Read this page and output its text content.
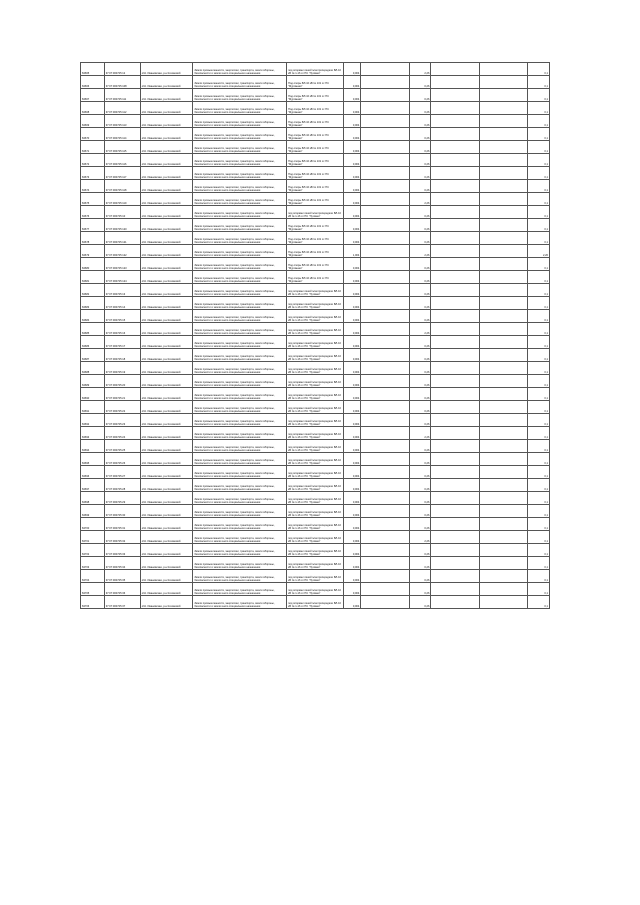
84665	37:07:000725:12	обл. Ивановская, р-н Кохомский	Земли промышленности, энергетики, транспорта, земли обороны, безопасности и земли иного специального назначения	под опорами линий электропередачи ВЛ-10 кВ № 1-16 от ПС "Луговая"	0,004		2,26			0,1
84666	37:07:000725:108	обл. Ивановская, р-н Кохомский	Земли промышленности, энергетики, транспорта, земли обороны, безопасности и земли иного специального назначения	Под опоры ВЛ-10 кВ № 101 от ПС "Муромная"	0,004		0,26			0,1
84667	37:07:000725:111	обл. Ивановская, р-н Кохомский	Земли промышленности, энергетики, транспорта, земли обороны, безопасности и земли иного специального назначения	Под опоры ВЛ-10 кВ № 101 от ПС "Муромная"	0,004		0,26			0,1
84668	37:07:000725:112	обл. Ивановская, р-н Кохомский	Земли промышленности, энергетики, транспорта, земли обороны, безопасности и земли иного специального назначения	Под опоры ВЛ-10 кВ № 101 от ПС "Муромная"	0,004		0,26			0,1
84669	37:07:000725:113	обл. Ивановская, р-н Кохомский	Земли промышленности, энергетики, транспорта, земли обороны, безопасности и земли иного специального назначения	Под опоры ВЛ-10 кВ № 101 от ПС "Муромная"	0,004		0,26			0,1
84670	37:07:000725:114	обл. Ивановская, р-н Кохомский	Земли промышленности, энергетики, транспорта, земли обороны, безопасности и земли иного специального назначения	Под опоры ВЛ-10 кВ № 101 от ПС "Муромная"	0,004		0,26			0,1
84671	37:07:000725:115	обл. Ивановская, р-н Кохомский	Земли промышленности, энергетики, транспорта, земли обороны, безопасности и земли иного специального назначения	Под опоры ВЛ-10 кВ № 101 от ПС "Муромная"	0,004		0,26			0,1
84672	37:07:000725:116	обл. Ивановская, р-н Кохомский	Земли промышленности, энергетики, транспорта, земли обороны, безопасности и земли иного специального назначения	Под опоры ВЛ-10 кВ № 101 от ПС "Муромная"	0,004		0,26			0,1
84673	37:07:000725:117	обл. Ивановская, р-н Кохомский	Земли промышленности, энергетики, транспорта, земли обороны, безопасности и земли иного специального назначения	Под опоры ВЛ-10 кВ № 101 от ПС "Муромная"	0,004		0,26			0,1
84674	37:07:000725:118	обл. Ивановская, р-н Кохомский	Земли промышленности, энергетики, транспорта, земли обороны, безопасности и земли иного специального назначения	Под опоры ВЛ-10 кВ № 101 от ПС "Муромная"	0,004		0,26			0,1
84675	37:07:000725:119	обл. Ивановская, р-н Кохомский	Земли промышленности, энергетики, транспорта, земли обороны, безопасности и земли иного специального назначения	Под опоры ВЛ-10 кВ № 101 от ПС "Муромная"	0,004		2,26			0,1
84676	37:07:000725:10	обл. Ивановская, р-н Кохомский	Земли промышленности, энергетики, транспорта, земли обороны, безопасности и земли иного специального назначения	под опорами линий электропередачи ВЛ-10 кВ № 1-16 от ПС "Луговая"	0,004		0,26			0,1
84677	37:07:000725:120	обл. Ивановская, р-н Кохомский	Земли промышленности, энергетики, транспорта, земли обороны, безопасности и земли иного специального назначения	Под опоры ВЛ-10 кВ № 101 от ПС "Муромная"	0,004		0,26			0,1
84678	37:07:000725:121	обл. Ивановская, р-н Кохомский	Земли промышленности, энергетики, транспорта, земли обороны, безопасности и земли иного специального назначения	Под опоры ВЛ-10 кВ № 101 от ПС "Муромная"	0,004		0,26			0,1
84679	37:07:000725:122	обл. Ивановская, р-н Кохомский	Земли промышленности, энергетики, транспорта, земли обороны, безопасности и земли иного специального назначения	Под опоры ВЛ-10 кВ № 101 от ПС "Муромная"	1,004		2,26			2,26
84680	37:07:000725:123	обл. Ивановская, р-н Кохомский	Земли промышленности, энергетики, транспорта, земли обороны, безопасности и земли иного специального назначения	Под опоры ВЛ-10 кВ № 101 от ПС "Муромная"	0,004		0,26			0,1
84681	37:07:000725:124	обл. Ивановская, р-н Кохомский	Земли промышленности, энергетики, транспорта, земли обороны, безопасности и земли иного специального назначения	Под опоры ВЛ-10 кВ № 101 от ПС "Муромная"	0,004		0,26			0,1
84682	37:07:000725:13	обл. Ивановская, р-н Кохомский	Земли промышленности, энергетики, транспорта, земли обороны, безопасности и земли иного специального назначения	под опорами линий электропередачи ВЛ-10 кВ № 1-16 от ПС "Луговая"	0,004		0,26			0,1
84683	37:07:000725:14	обл. Ивановская, р-н Кохомский	Земли промышленности, энергетики, транспорта, земли обороны, безопасности и земли иного специального назначения	под опорами линий электропередачи ВЛ-10 кВ № 1-16 от ПС "Луговая"	0,004		0,26			0,1
84684	37:07:000725:15	обл. Ивановская, р-н Кохомский	Земли промышленности, энергетики, транспорта, земли обороны, безопасности и земли иного специального назначения	под опорами линий электропередачи ВЛ-10 кВ № 1-16 от ПС "Луговая"	0,004		0,26			0,1
84685	37:07:000725:16	обл. Ивановская, р-н Кохомский	Земли промышленности, энергетики, транспорта, земли обороны, безопасности и земли иного специального назначения	под опорами линий электропередачи ВЛ-10 кВ № 1-16 от ПС "Луговая"	0,004		2,26			0,1
84686	37:07:000725:17	обл. Ивановская, р-н Кохомский	Земли промышленности, энергетики, транспорта, земли обороны, безопасности и земли иного специального назначения	под опорами линий электропередачи ВЛ-10 кВ № 1-16 от ПС "Луговая"	0,004		0,26			0,1
84687	37:07:000725:18	обл. Ивановская, р-н Кохомский	Земли промышленности, энергетики, транспорта, земли обороны, безопасности и земли иного специального назначения	под опорами линий электропередачи ВЛ-10 кВ № 1-16 от ПС "Луговая"	0,004		0,26			0,1
84688	37:07:000725:19	обл. Ивановская, р-н Кохомский	Земли промышленности, энергетики, транспорта, земли обороны, безопасности и земли иного специального назначения	под опорами линий электропередачи ВЛ-10 кВ № 1-16 от ПС "Луговая"	0,004		0,26			0,1
84689	37:07:000725:20	обл. Ивановская, р-н Кохомский	Земли промышленности, энергетики, транспорта, земли обороны, безопасности и земли иного специального назначения	под опорами линий электропередачи ВЛ-10 кВ № 1-16 от ПС "Луговая"	0,004		0,26			0,1
84690	37:07:000725:21	обл. Ивановская, р-н Кохомский	Земли промышленности, энергетики, транспорта, земли обороны, безопасности и земли иного специального назначения	под опорами линий электропередачи ВЛ-10 кВ № 1-16 от ПС "Луговая"	0,004		0,26			0,1
84691	37:07:000725:22	обл. Ивановская, р-н Кохомский	Земли промышленности, энергетики, транспорта, земли обороны, безопасности и земли иного специального назначения	под опорами линий электропередачи ВЛ-10 кВ № 1-16 от ПС "Луговая"	0,004		0,26			0,1
84692	37:07:000725:23	обл. Ивановская, р-н Кохомский	Земли промышленности, энергетики, транспорта, земли обороны, безопасности и земли иного специального назначения	под опорами линий электропередачи ВЛ-10 кВ № 1-16 от ПС "Луговая"	0,004		0,26			0,1
84693	37:07:000725:24	обл. Ивановская, р-н Кохомский	Земли промышленности, энергетики, транспорта, земли обороны, безопасности и земли иного специального назначения	под опорами линий электропередачи ВЛ-10 кВ № 1-16 от ПС "Луговая"	0,004		2,26			0,1
84694	37:07:000725:25	обл. Ивановская, р-н Кохомский	Земли промышленности, энергетики, транспорта, земли обороны, безопасности и земли иного специального назначения	под опорами линий электропередачи ВЛ-10 кВ № 1-16 от ПС "Луговая"	0,004		0,26			0,1
84695	37:07:000725:26	обл. Ивановская, р-н Кохомский	Земли промышленности, энергетики, транспорта, земли обороны, безопасности и земли иного специального назначения	под опорами линий электропередачи ВЛ-10 кВ № 1-16 от ПС "Луговая"	0,004		0,26			0,1
84696	37:07:000725:27	обл. Ивановская, р-н Кохомский	Земли промышленности, энергетики, транспорта, земли обороны, безопасности и земли иного специального назначения	под опорами линий электропередачи ВЛ-10 кВ № 1-16 от ПС "Луговая"	0,004		0,26			0,1
84697	37:07:000725:28	обл. Ивановская, р-н Кохомский	Земли промышленности, энергетики, транспорта, земли обороны, безопасности и земли иного специального назначения	под опорами линий электропередачи ВЛ-10 кВ № 1-16 от ПС "Луговая"	0,004		0,26			0,1
84698	37:07:000725:29	обл. Ивановская, р-н Кохомский	Земли промышленности, энергетики, транспорта, земли обороны, безопасности и земли иного специального назначения	под опорами линий электропередачи ВЛ-10 кВ № 1-16 от ПС "Луговая"	0,004		0,26			0,1
84699	37:07:000725:30	обл. Ивановская, р-н Кохомский	Земли промышленности, энергетики, транспорта, земли обороны, безопасности и земли иного специального назначения	под опорами линий электропередачи ВЛ-10 кВ № 1-16 от ПС "Луговая"	0,004		0,26			0,1
84700	37:07:000725:31	обл. Ивановская, р-н Кохомский	Земли промышленности, энергетики, транспорта, земли обороны, безопасности и земли иного специального назначения	под опорами линий электропередачи ВЛ-10 кВ № 1-16 от ПС "Луговая"	0,004		0,26			0,1
84701	37:07:000725:32	обл. Ивановская, р-н Кохомский	Земли промышленности, энергетики, транспорта, земли обороны, безопасности и земли иного специального назначения	под опорами линий электропередачи ВЛ-10 кВ № 1-16 от ПС "Луговая"	0,004		2,26			0,1
84702	37:07:000725:33	обл. Ивановская, р-н Кохомский	Земли промышленности, энергетики, транспорта, земли обороны, безопасности и земли иного специального назначения	под опорами линий электропередачи ВЛ-10 кВ № 1-16 от ПС "Луговая"	0,004		0,26			0,1
84703	37:07:000725:34	обл. Ивановская, р-н Кохомский	Земли промышленности, энергетики, транспорта, земли обороны, безопасности и земли иного специального назначения	под опорами линий электропередачи ВЛ-10 кВ № 1-16 от ПС "Луговая"	0,004		0,26			0,1
84704	37:07:000725:35	обл. Ивановская, р-н Кохомский	Земли промышленности, энергетики, транспорта, земли обороны, безопасности и земли иного специального назначения	под опорами линий электропередачи ВЛ-10 кВ № 1-16 от ПС "Луговая"	0,004		0,26			0,1
84705	37:07:000725:36	обл. Ивановская, р-н Кохомский	Земли промышленности, энергетики, транспорта, земли обороны, безопасности и земли иного специального назначения	под опорами линий электропередачи ВЛ-10 кВ № 1-16 от ПС "Луговая"	0,004		0,26			0,1
84706	37:07:000725:37	обл. Ивановская, р-н Кохомский	Земли промышленности, энергетики, транспорта, земли обороны, безопасности и земли иного специального назначения	под опорами линий электропередачи ВЛ-10 кВ № 1-16 от ПС "Луговая"	0,004		0,26			0,1
